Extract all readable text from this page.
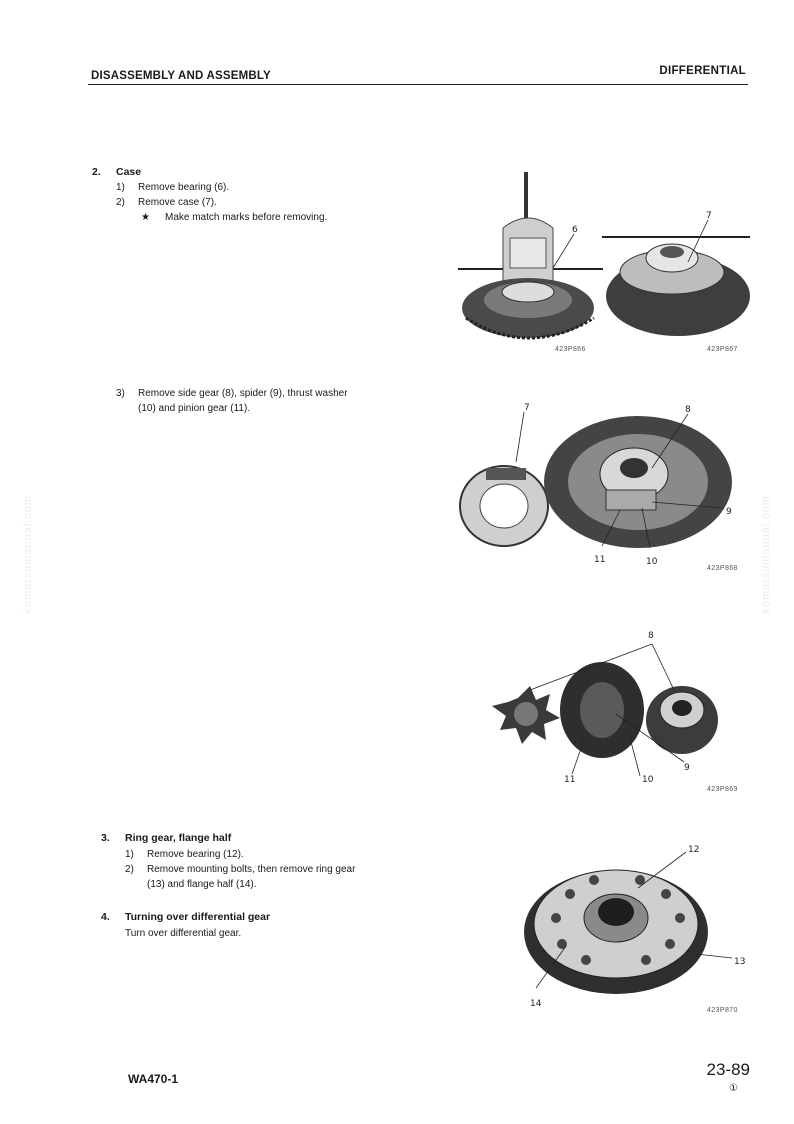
DISASSEMBLY AND ASSEMBLY	DIFFERENTIAL
komatsumanual.com	komatsumanual.com
2. Case
1) Remove bearing (6).
2) Remove case (7).
★ Make match marks before removing.
3) Remove side gear (8), spider (9), thrust washer
(10) and pinion gear (11).
3. Ring gear, flange half
1) Remove bearing (12).
2) Remove mounting bolts, then remove ring gear
(13) and flange half (14).
4. Turning over differential gear
Turn over differential gear.
6
423P866
7
423P867
7	8
9
11	10
423P868
8
9
11	10
423P869
12
13
14
423P870
WA470-1	23-89
①
